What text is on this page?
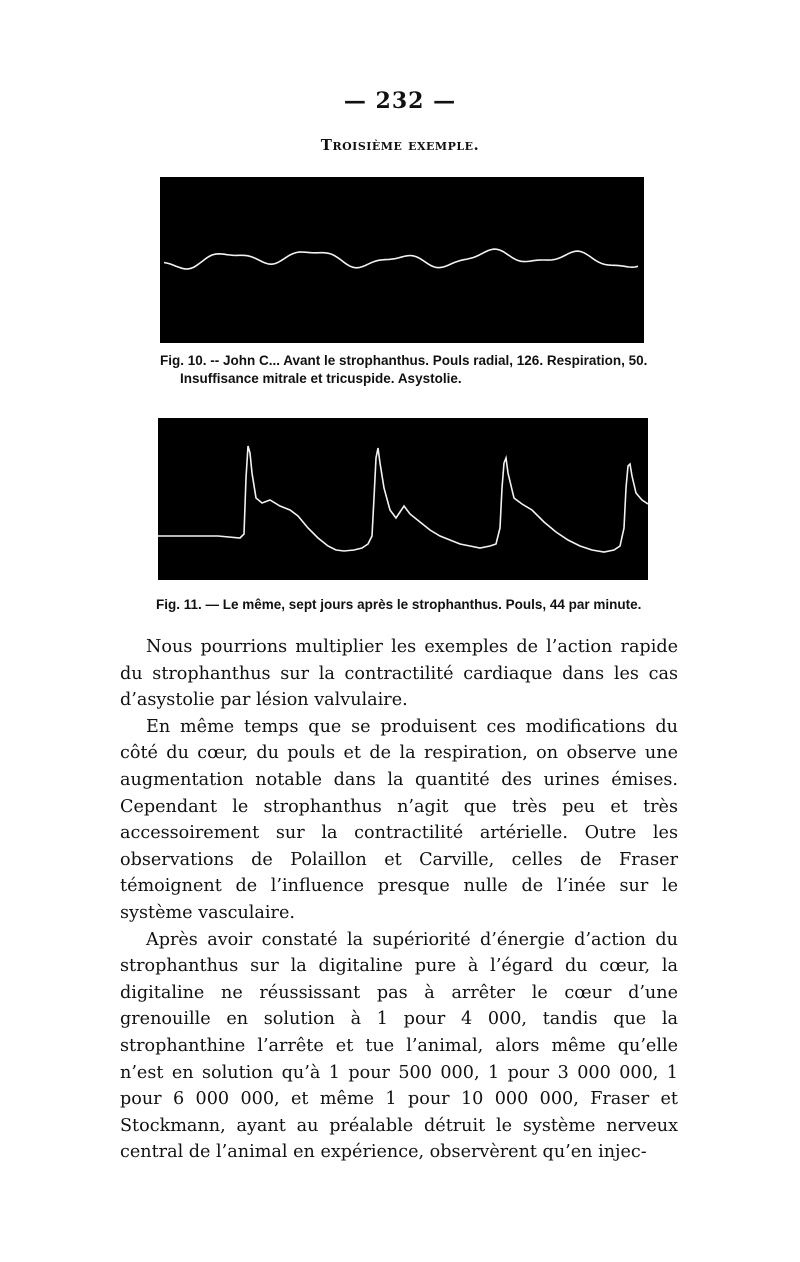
— 232 —
Troisième exemple.
Fig. 10. -- John C... Avant le strophanthus. Pouls radial, 126. Respiration, 50.
Insuffisance mitrale et tricuspide. Asystolie.
Fig. 11. — Le même, sept jours après le strophanthus. Pouls, 44 par minute.

Nous pourrions multiplier les exemples de l’action rapide du strophanthus sur la contractilité cardiaque dans les cas d’asystolie par lésion valvulaire.

En même temps que se produisent ces modifications du côté du cœur, du pouls et de la respiration, on observe une augmentation notable dans la quantité des urines émises. Cependant le strophanthus n’agit que très peu et très accessoirement sur la contractilité artérielle. Outre les observations de Polaillon et Carville, celles de Fraser témoignent de l’influence presque nulle de l’inée sur le système vasculaire.

Après avoir constaté la supériorité d’énergie d’action du strophanthus sur la digitaline pure à l’égard du cœur, la digitaline ne réussissant pas à arrêter le cœur d’une grenouille en solution à 1 pour 4 000, tandis que la strophanthine l’arrête et tue l’animal, alors même qu’elle n’est en solution qu’à 1 pour 500 000, 1 pour 3 000 000, 1 pour 6 000 000, et même 1 pour 10 000 000, Fraser et Stockmann, ayant au préalable détruit le système nerveux central de l’animal en expérience, observèrent qu’en injec-
